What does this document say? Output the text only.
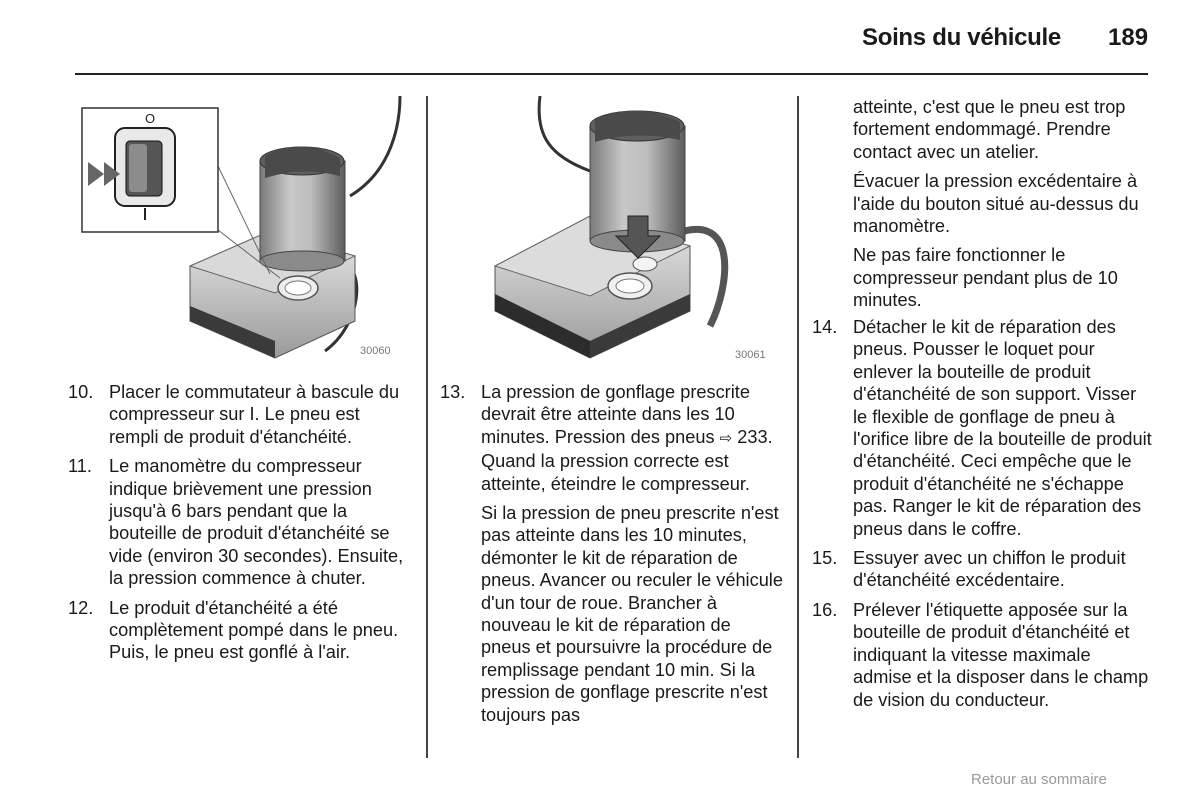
Soins du véhicule 189
O
30060	30061
10. Placer le commutateur à bascule du compresseur sur I. Le pneu est rempli de produit d'étanchéité.

11. Le manomètre du compresseur indique brièvement une pression jusqu'à 6 bars pendant que la bouteille de produit d'étanchéité se vide (environ 30 secondes). Ensuite, la pression commence à chuter.

12. Le produit d'étanchéité a été complètement pompé dans le pneu. Puis, le pneu est gonflé à l'air.

13. La pression de gonflage prescrite devrait être atteinte dans les 10 minutes. Pression des pneus ⇨ 233. Quand la pression correcte est atteinte, éteindre le compresseur.

Si la pression de pneu prescrite n'est pas atteinte dans les 10 minutes, démonter le kit de réparation de pneus. Avancer ou reculer le véhicule d'un tour de roue. Brancher à nouveau le kit de réparation de pneus et poursuivre la procédure de remplissage pendant 10 min. Si la pression de gonflage prescrite n'est toujours pas

atteinte, c'est que le pneu est trop fortement endommagé. Prendre contact avec un atelier.

Évacuer la pression excédentaire à l'aide du bouton situé au-dessus du manomètre.

Ne pas faire fonctionner le compresseur pendant plus de 10 minutes.

14. Détacher le kit de réparation des pneus. Pousser le loquet pour enlever la bouteille de produit d'étanchéité de son support. Visser le flexible de gonflage de pneu à l'orifice libre de la bouteille de produit d'étanchéité. Ceci empêche que le produit d'étanchéité ne s'échappe pas. Ranger le kit de réparation des pneus dans le coffre.

15. Essuyer avec un chiffon le produit d'étanchéité excédentaire.

16. Prélever l'étiquette apposée sur la bouteille de produit d'étanchéité et indiquant la vitesse maximale admise et la disposer dans le champ de vision du conducteur.

Retour au sommaire
